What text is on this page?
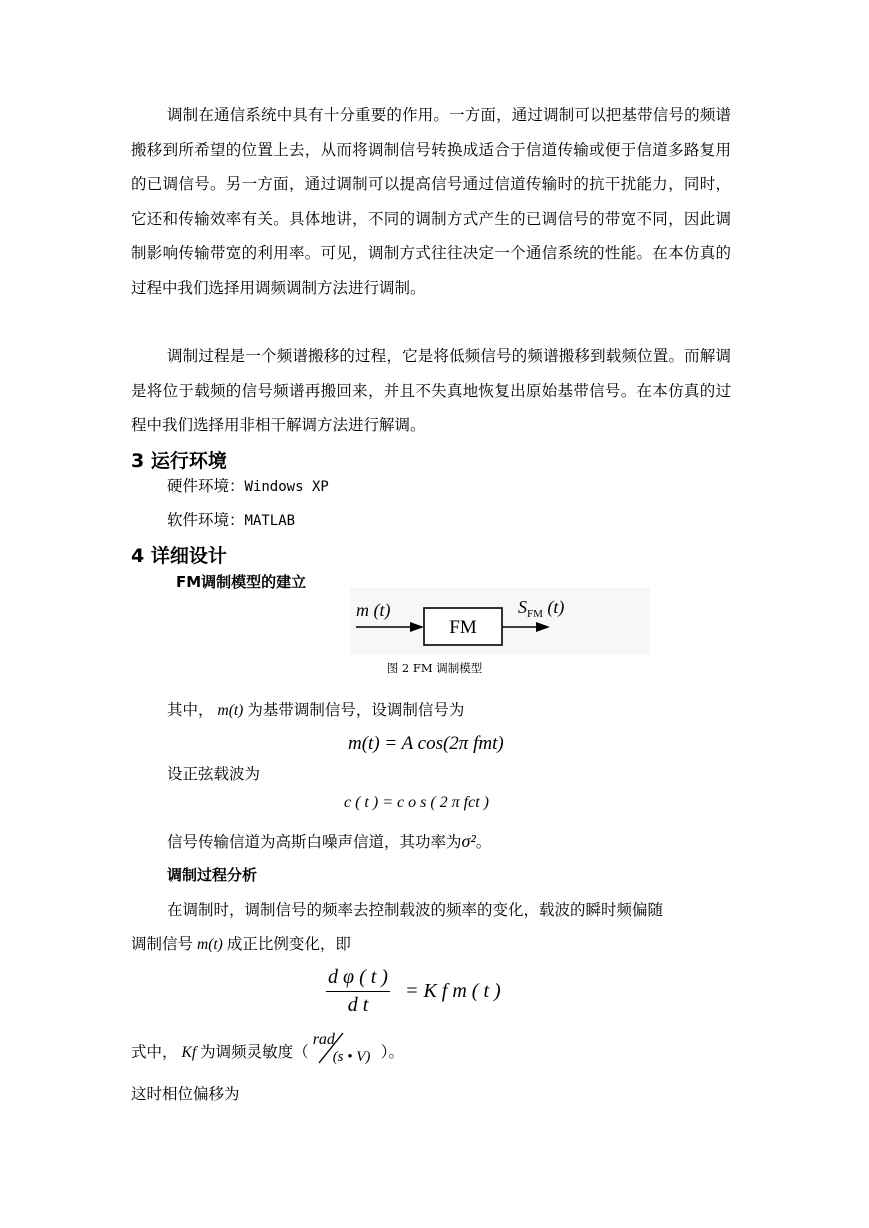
调制在通信系统中具有十分重要的作用。一方面，通过调制可以把基带信号的频谱搬移到所希望的位置上去，从而将调制信号转换成适合于信道传输或便于信道多路复用的已调信号。另一方面，通过调制可以提高信号通过信道传输时的抗干扰能力，同时，它还和传输效率有关。具体地讲，不同的调制方式产生的已调信号的带宽不同，因此调制影响传输带宽的利用率。可见，调制方式往往决定一个通信系统的性能。在本仿真的过程中我们选择用调频调制方法进行调制。

调制过程是一个频谱搬移的过程，它是将低频信号的频谱搬移到载频位置。而解调是将位于载频的信号频谱再搬回来，并且不失真地恢复出原始基带信号。在本仿真的过程中我们选择用非相干解调方法进行解调。

3 运行环境
硬件环境：Windows XP
软件环境：MATLAB
4 详细设计
FM调制模型的建立
m (t)
FM
$S_{FM}$ (t)
图 2 FM 调制模型
其中， m(t) 为基带调制信号，设调制信号为
m(t) = A cos(2π fmt)
设正弦载波为
c ( t ) = c o s ( 2 π fct )
信号传输信道为高斯白噪声信道，其功率为σ²。
调制过程分析
在调制时，调制信号的频率去控制载波的频率的变化，载波的瞬时频偏随
调制信号 m(t) 成正比例变化，即
$\frac{\text{d φ ( t )}}{\text{d t}} = K$ f m ( t )
式中， Kf 为调频灵敏度（
rad
(s • V) ）。
这时相位偏移为
